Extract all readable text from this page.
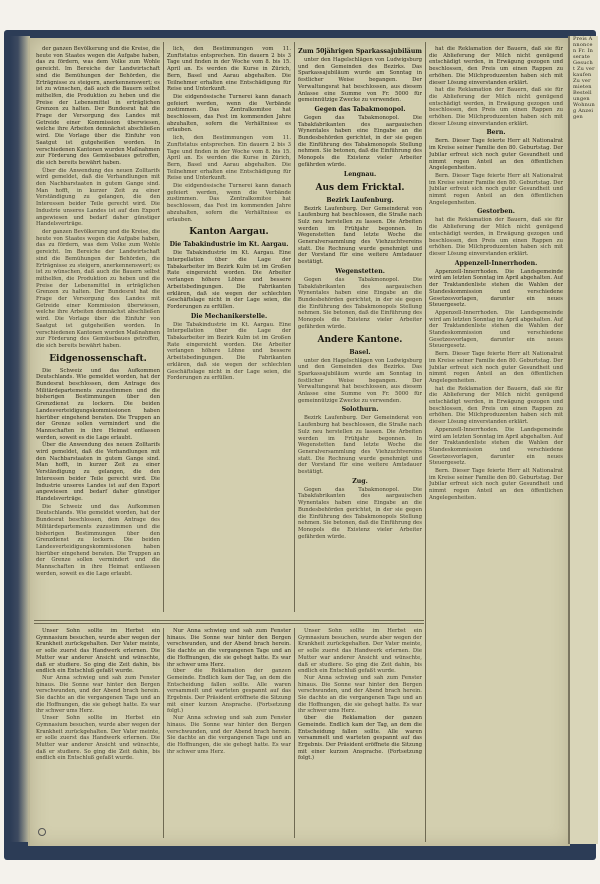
der ganzen Bevölkerung und die Kreise, die heute von Staates wegen die Aufgabe haben, das zu fördern, was dem Volke zum Wohle gereicht. Im Bereiche der Landwirtschaft sind die Bemühungen der Behörden, die Erträgnisse zu steigern, anerkennenswert; es ist zu wünschen, daß auch die Bauern selbst mithelfen, die Produktion zu heben und die Preise der Lebensmittel in erträglichen Grenzen zu halten. Der Bundesrat hat die Frage der Versorgung des Landes mit Getreide einer Kommission überwiesen, welche ihre Arbeiten demnächst abschließen wird. Die Vorlage über die Einfuhr von Saatgut ist gutgeheißen worden. In verschiedenen Kantonen wurden Maßnahmen zur Förderung des Gemüsebaues getroffen, die sich bereits bewährt haben.

Über die Anwendung des neuen Zolltarifs wird gemeldet, daß die Verhandlungen mit den Nachbarstaaten in gutem Gange sind. Man hofft, in kurzer Zeit zu einer Verständigung zu gelangen, die den Interessen beider Teile gerecht wird. Die Industrie unseres Landes ist auf den Export angewiesen und bedarf daher günstiger Handelsverträge.

der ganzen Bevölkerung und die Kreise, die heute von Staates wegen die Aufgabe haben, das zu fördern, was dem Volke zum Wohle gereicht. Im Bereiche der Landwirtschaft sind die Bemühungen der Behörden, die Erträgnisse zu steigern, anerkennenswert; es ist zu wünschen, daß auch die Bauern selbst mithelfen, die Produktion zu heben und die Preise der Lebensmittel in erträglichen Grenzen zu halten. Der Bundesrat hat die Frage der Versorgung des Landes mit Getreide einer Kommission überwiesen, welche ihre Arbeiten demnächst abschließen wird. Die Vorlage über die Einfuhr von Saatgut ist gutgeheißen worden. In verschiedenen Kantonen wurden Maßnahmen zur Förderung des Gemüsebaues getroffen, die sich bereits bewährt haben.

Eidgenossenschaft.

Die Schweiz und das Aufkommen Deutschlands. Wie gemeldet worden, hat der Bundesrat beschlossen, dem Antrage des Militärdepartements zuzustimmen und die bisherigen Bestimmungen über den Grenzdienst zu lockern. Die beiden Landesverteidigungskommissionen haben hierüber eingehend beraten. Die Truppen an der Grenze sollen vermindert und die Mannschaften in ihre Heimat entlassen werden, soweit es die Lage erlaubt.

Über die Anwendung des neuen Zolltarifs wird gemeldet, daß die Verhandlungen mit den Nachbarstaaten in gutem Gange sind. Man hofft, in kurzer Zeit zu einer Verständigung zu gelangen, die den Interessen beider Teile gerecht wird. Die Industrie unseres Landes ist auf den Export angewiesen und bedarf daher günstiger Handelsverträge.

Die Schweiz und das Aufkommen Deutschlands. Wie gemeldet worden, hat der Bundesrat beschlossen, dem Antrage des Militärdepartements zuzustimmen und die bisherigen Bestimmungen über den Grenzdienst zu lockern. Die beiden Landesverteidigungskommissionen haben hierüber eingehend beraten. Die Truppen an der Grenze sollen vermindert und die Mannschaften in ihre Heimat entlassen werden, soweit es die Lage erlaubt.

lich, den Bestimmungen vom 11. Zunftstatus entsprechen. Ein dauern 2 bis 3 Tage und finden in der Woche vom 8. bis 15. April an. Es werden die Kurse in Zürich, Bern, Basel und Aarau abgehalten. Die Teilnehmer erhalten eine Entschädigung für Reise und Unterkunft.

Die eidgenössische Turnerei kann danach gefeiert werden, wenn die Verbände zustimmen. Das Zentralkomitee hat beschlossen, das Fest im kommenden Jahre abzuhalten, sofern die Verhältnisse es erlauben.

lich, den Bestimmungen vom 11. Zunftstatus entsprechen. Ein dauern 2 bis 3 Tage und finden in der Woche vom 8. bis 15. April an. Es werden die Kurse in Zürich, Bern, Basel und Aarau abgehalten. Die Teilnehmer erhalten eine Entschädigung für Reise und Unterkunft.

Die eidgenössische Turnerei kann danach gefeiert werden, wenn die Verbände zustimmen. Das Zentralkomitee hat beschlossen, das Fest im kommenden Jahre abzuhalten, sofern die Verhältnisse es erlauben.

Kanton Aargau.
Die Tabakindustrie im Kt. Aargau.

Die Tabakindustrie im Kt. Aargau. Eine Interpellation über die Lage der Tabakarbeiter im Bezirk Kulm ist im Großen Rate eingereicht worden. Die Arbeiter verlangen höhere Löhne und bessere Arbeitsbedingungen. Die Fabrikanten erklären, daß sie wegen der schlechten Geschäftslage nicht in der Lage seien, die Forderungen zu erfüllen.

Die Mechanikerstelle.

Die Tabakindustrie im Kt. Aargau. Eine Interpellation über die Lage der Tabakarbeiter im Bezirk Kulm ist im Großen Rate eingereicht worden. Die Arbeiter verlangen höhere Löhne und bessere Arbeitsbedingungen. Die Fabrikanten erklären, daß sie wegen der schlechten Geschäftslage nicht in der Lage seien, die Forderungen zu erfüllen.

Zum 50jährigen Sparkassajubiläum

unter den Hagelschlägen von Ludwigsburg und den Gemeinden des Bezirks. Das Sparkassajubiläum wurde am Sonntag in festlicher Weise begangen. Der Verwaltungsrat hat beschlossen, aus diesem Anlasse eine Summe von Fr. 5000 für gemeinnützige Zwecke zu verwenden.

Gegen das Tabakmonopol.

Gegen das Tabakmonopol. Die Tabakfabrikanten des aargauischen Wynentales haben eine Eingabe an die Bundesbehörden gerichtet, in der sie gegen die Einführung des Tabakmonopols Stellung nehmen. Sie betonen, daß die Einführung des Monopols die Existenz vieler Arbeiter gefährden würde.

Lengnau.
Aus dem Fricktal.
Bezirk Laufenburg.

Bezirk Laufenburg. Der Gemeinderat von Laufenburg hat beschlossen, die Straße nach Sulz neu herstellen zu lassen. Die Arbeiten werden im Frühjahr begonnen. In Wegenstetten fand letzte Woche die Generalversammlung des Viehzuchtvereins statt. Die Rechnung wurde genehmigt und der Vorstand für eine weitere Amtsdauer bestätigt.

Wegenstetten.

Gegen das Tabakmonopol. Die Tabakfabrikanten des aargauischen Wynentales haben eine Eingabe an die Bundesbehörden gerichtet, in der sie gegen die Einführung des Tabakmonopols Stellung nehmen. Sie betonen, daß die Einführung des Monopols die Existenz vieler Arbeiter gefährden würde.

Andere Kantone.
Basel.

unter den Hagelschlägen von Ludwigsburg und den Gemeinden des Bezirks. Das Sparkassajubiläum wurde am Sonntag in festlicher Weise begangen. Der Verwaltungsrat hat beschlossen, aus diesem Anlasse eine Summe von Fr. 5000 für gemeinnützige Zwecke zu verwenden.

Solothurn.

Bezirk Laufenburg. Der Gemeinderat von Laufenburg hat beschlossen, die Straße nach Sulz neu herstellen zu lassen. Die Arbeiten werden im Frühjahr begonnen. In Wegenstetten fand letzte Woche die Generalversammlung des Viehzuchtvereins statt. Die Rechnung wurde genehmigt und der Vorstand für eine weitere Amtsdauer bestätigt.

Zug.

Gegen das Tabakmonopol. Die Tabakfabrikanten des aargauischen Wynentales haben eine Eingabe an die Bundesbehörden gerichtet, in der sie gegen die Einführung des Tabakmonopols Stellung nehmen. Sie betonen, daß die Einführung des Monopols die Existenz vieler Arbeiter gefährden würde.

hat die Reklamation der Bauern, daß sie für die Ablieferung der Milch nicht genügend entschädigt werden, in Erwägung gezogen und beschlossen, den Preis um einen Rappen zu erhöhen. Die Milchproduzenten haben sich mit dieser Lösung einverstanden erklärt.

hat die Reklamation der Bauern, daß sie für die Ablieferung der Milch nicht genügend entschädigt werden, in Erwägung gezogen und beschlossen, den Preis um einen Rappen zu erhöhen. Die Milchproduzenten haben sich mit dieser Lösung einverstanden erklärt.

Bern.

Bern. Dieser Tage feierte Herr alt Nationalrat im Kreise seiner Familie den 80. Geburtstag. Der Jubilar erfreut sich noch guter Gesundheit und nimmt regen Anteil an den öffentlichen Angelegenheiten.

Bern. Dieser Tage feierte Herr alt Nationalrat im Kreise seiner Familie den 80. Geburtstag. Der Jubilar erfreut sich noch guter Gesundheit und nimmt regen Anteil an den öffentlichen Angelegenheiten.

Gestorben.

hat die Reklamation der Bauern, daß sie für die Ablieferung der Milch nicht genügend entschädigt werden, in Erwägung gezogen und beschlossen, den Preis um einen Rappen zu erhöhen. Die Milchproduzenten haben sich mit dieser Lösung einverstanden erklärt.

Appenzell-Innerrhoden.

Appenzell-Innerrhoden. Die Landsgemeinde wird am letzten Sonntag im April abgehalten. Auf der Traktandenliste stehen die Wahlen der Standeskommission und verschiedene Gesetzesvorlagen, darunter ein neues Steuergesetz.

Appenzell-Innerrhoden. Die Landsgemeinde wird am letzten Sonntag im April abgehalten. Auf der Traktandenliste stehen die Wahlen der Standeskommission und verschiedene Gesetzesvorlagen, darunter ein neues Steuergesetz.

Bern. Dieser Tage feierte Herr alt Nationalrat im Kreise seiner Familie den 80. Geburtstag. Der Jubilar erfreut sich noch guter Gesundheit und nimmt regen Anteil an den öffentlichen Angelegenheiten.

hat die Reklamation der Bauern, daß sie für die Ablieferung der Milch nicht genügend entschädigt werden, in Erwägung gezogen und beschlossen, den Preis um einen Rappen zu erhöhen. Die Milchproduzenten haben sich mit dieser Lösung einverstanden erklärt.

Appenzell-Innerrhoden. Die Landsgemeinde wird am letzten Sonntag im April abgehalten. Auf der Traktandenliste stehen die Wahlen der Standeskommission und verschiedene Gesetzesvorlagen, darunter ein neues Steuergesetz.

Bern. Dieser Tage feierte Herr alt Nationalrat im Kreise seiner Familie den 80. Geburtstag. Der Jubilar erfreut sich noch guter Gesundheit und nimmt regen Anteil an den öffentlichen Angelegenheiten.

Unser Sohn sollte im Herbst ein Gymnasium besuchen, wurde aber wegen der Krankheit zurückgehalten. Der Vater meinte, er solle zuerst das Handwerk erlernen. Die Mutter war anderer Ansicht und wünschte, daß er studiere. So ging die Zeit dahin, bis endlich ein Entschluß gefaßt wurde.

Nur Anna schwieg und sah zum Fenster hinaus. Die Sonne war hinter den Bergen verschwunden, und der Abend brach herein. Sie dachte an die vergangenen Tage und an die Hoffnungen, die sie gehegt hatte. Es war ihr schwer ums Herz.

Unser Sohn sollte im Herbst ein Gymnasium besuchen, wurde aber wegen der Krankheit zurückgehalten. Der Vater meinte, er solle zuerst das Handwerk erlernen. Die Mutter war anderer Ansicht und wünschte, daß er studiere. So ging die Zeit dahin, bis endlich ein Entschluß gefaßt wurde.

Nur Anna schwieg und sah zum Fenster hinaus. Die Sonne war hinter den Bergen verschwunden, und der Abend brach herein. Sie dachte an die vergangenen Tage und an die Hoffnungen, die sie gehegt hatte. Es war ihr schwer ums Herz.

über die Reklamation der ganzen Gemeinde. Endlich kam der Tag, an dem die Entscheidung fallen sollte. Alle waren versammelt und warteten gespannt auf das Ergebnis. Der Präsident eröffnete die Sitzung mit einer kurzen Ansprache. (Fortsetzung folgt.)

Nur Anna schwieg und sah zum Fenster hinaus. Die Sonne war hinter den Bergen verschwunden, und der Abend brach herein. Sie dachte an die vergangenen Tage und an die Hoffnungen, die sie gehegt hatte. Es war ihr schwer ums Herz.

Unser Sohn sollte im Herbst ein Gymnasium besuchen, wurde aber wegen der Krankheit zurückgehalten. Der Vater meinte, er solle zuerst das Handwerk erlernen. Die Mutter war anderer Ansicht und wünschte, daß er studiere. So ging die Zeit dahin, bis endlich ein Entschluß gefaßt wurde.

Nur Anna schwieg und sah zum Fenster hinaus. Die Sonne war hinter den Bergen verschwunden, und der Abend brach herein. Sie dachte an die vergangenen Tage und an die Hoffnungen, die sie gehegt hatte. Es war ihr schwer ums Herz.

über die Reklamation der ganzen Gemeinde. Endlich kam der Tag, an dem die Entscheidung fallen sollte. Alle waren versammelt und warteten gespannt auf das Ergebnis. Der Präsident eröffnete die Sitzung mit einer kurzen Ansprache. (Fortsetzung folgt.)

Preis Annoncen Fr. Inserate Gesucht Zu verkaufen Zu vermieten Bestellungen Wohnung Anzeigen
